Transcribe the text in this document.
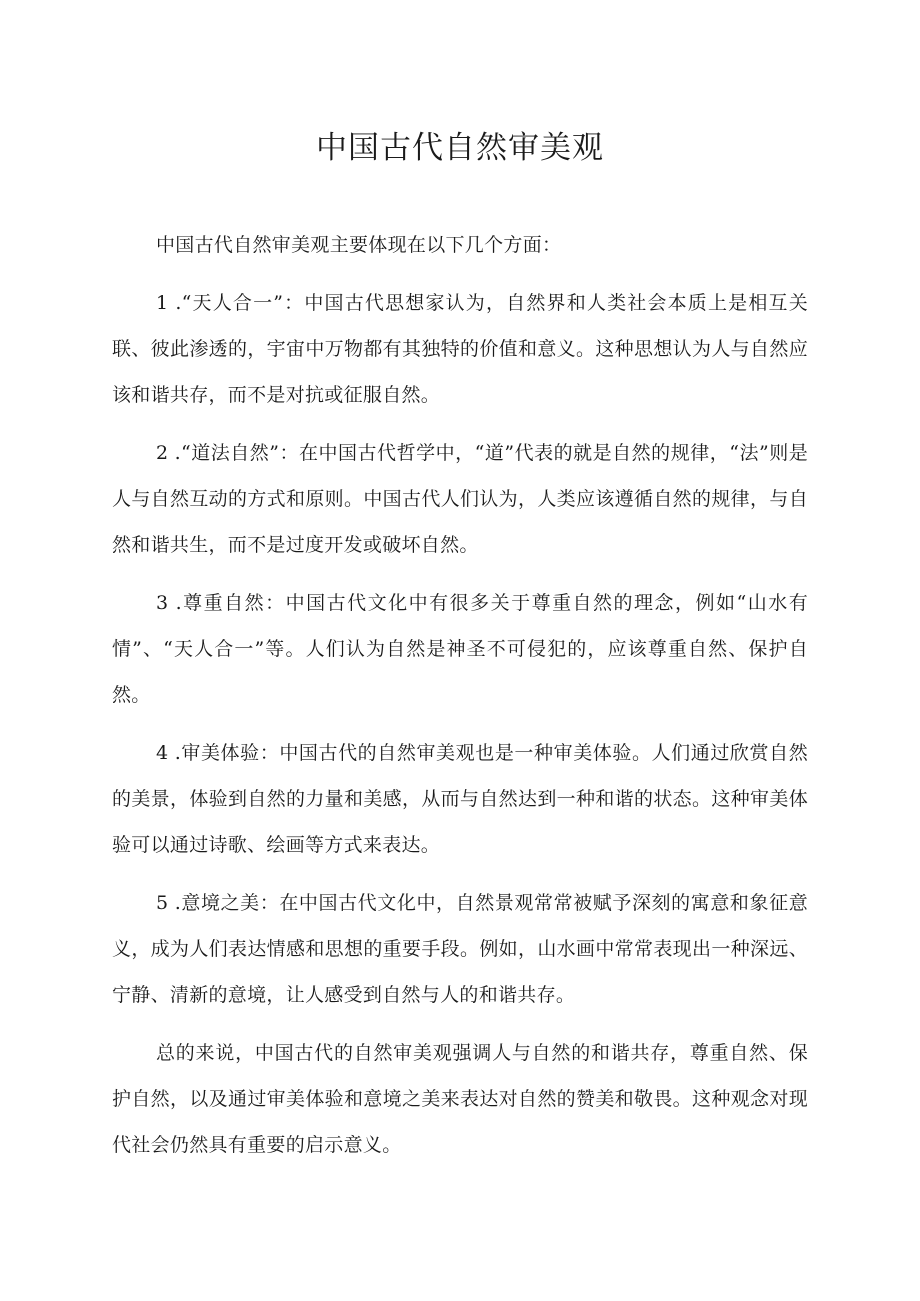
中国古代自然审美观

中国古代自然审美观主要体现在以下几个方面：

1 .“天人合一”：中国古代思想家认为，自然界和人类社会本质上是相互关联、彼此渗透的，宇宙中万物都有其独特的价值和意义。这种思想认为人与自然应该和谐共存，而不是对抗或征服自然。

2 .“道法自然”：在中国古代哲学中，“道”代表的就是自然的规律，“法”则是人与自然互动的方式和原则。中国古代人们认为，人类应该遵循自然的规律，与自然和谐共生，而不是过度开发或破坏自然。

3 .尊重自然：中国古代文化中有很多关于尊重自然的理念，例如“山水有情”、“天人合一”等。人们认为自然是神圣不可侵犯的，应该尊重自然、保护自然。

4 .审美体验：中国古代的自然审美观也是一种审美体验。人们通过欣赏自然的美景，体验到自然的力量和美感，从而与自然达到一种和谐的状态。这种审美体验可以通过诗歌、绘画等方式来表达。

5 .意境之美：在中国古代文化中，自然景观常常被赋予深刻的寓意和象征意义，成为人们表达情感和思想的重要手段。例如，山水画中常常表现出一种深远、宁静、清新的意境，让人感受到自然与人的和谐共存。

总的来说，中国古代的自然审美观强调人与自然的和谐共存，尊重自然、保护自然，以及通过审美体验和意境之美来表达对自然的赞美和敬畏。这种观念对现代社会仍然具有重要的启示意义。
